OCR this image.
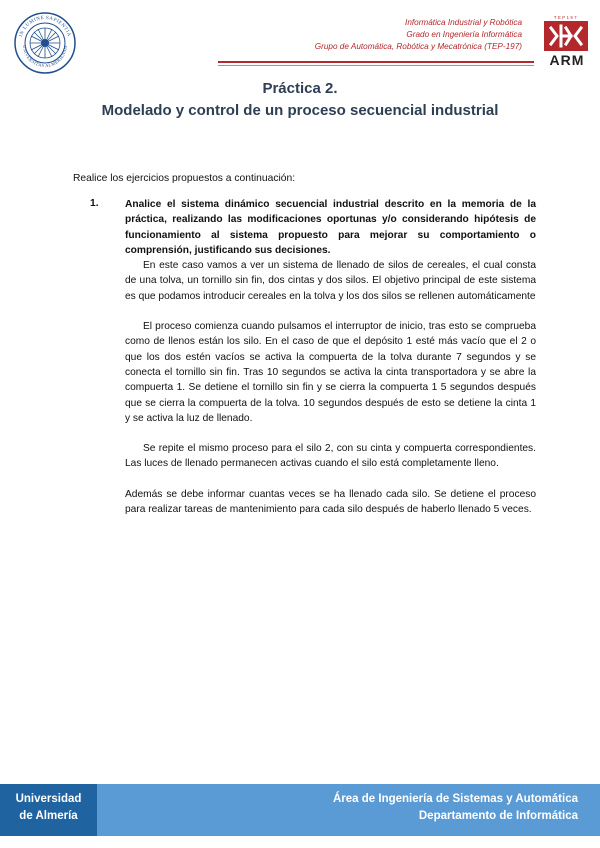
IN LUMINE SAPIENTIA
UNIVERSITAS ALMERIENSIS
Informática Industrial y Robótica
Grado en Ingeniería Informática
Grupo de Automática, Robótica y Mecatrónica (TEP-197)
TEP197
ARM
Práctica 2.
Modelado y control de un proceso secuencial industrial
Realice los ejercicios propuestos a continuación:
1.	Analice el sistema dinámico secuencial industrial descrito en la memoria de la práctica, realizando las modificaciones oportunas y/o considerando hipótesis de funcionamiento al sistema propuesto para mejorar su comportamiento o comprensión, justificando sus decisiones.

En este caso vamos a ver un sistema de llenado de silos de cereales, el cual consta de una tolva, un tornillo sin fin, dos cintas y dos silos. El objetivo principal de este sistema es que podamos introducir cereales en la tolva y los dos silos se rellenen automáticamente

El proceso comienza cuando pulsamos el interruptor de inicio, tras esto se comprueba como de llenos están los silo. En el caso de que el depósito 1 esté más vacío que el 2 o que los dos estén vacíos se activa la compuerta de la tolva durante 7 segundos y se conecta el tornillo sin fin. Tras 10 segundos se activa la cinta transportadora y se abre la compuerta 1. Se detiene el tornillo sin fin y se cierra la compuerta 1 5 segundos después que se cierra la compuerta de la tolva. 10 segundos después de esto se detiene la cinta 1 y se activa la luz de llenado.

Se repite el mismo proceso para el silo 2, con su cinta y compuerta correspondientes. Las luces de llenado permanecen activas cuando el silo está completamente lleno.

Además se debe informar cuantas veces se ha llenado cada silo. Se detiene el proceso para realizar tareas de mantenimiento para cada silo después de haberlo llenado 5 veces.

Universidad
de Almería
Área de Ingeniería de Sistemas y Automática
Departamento de Informática
